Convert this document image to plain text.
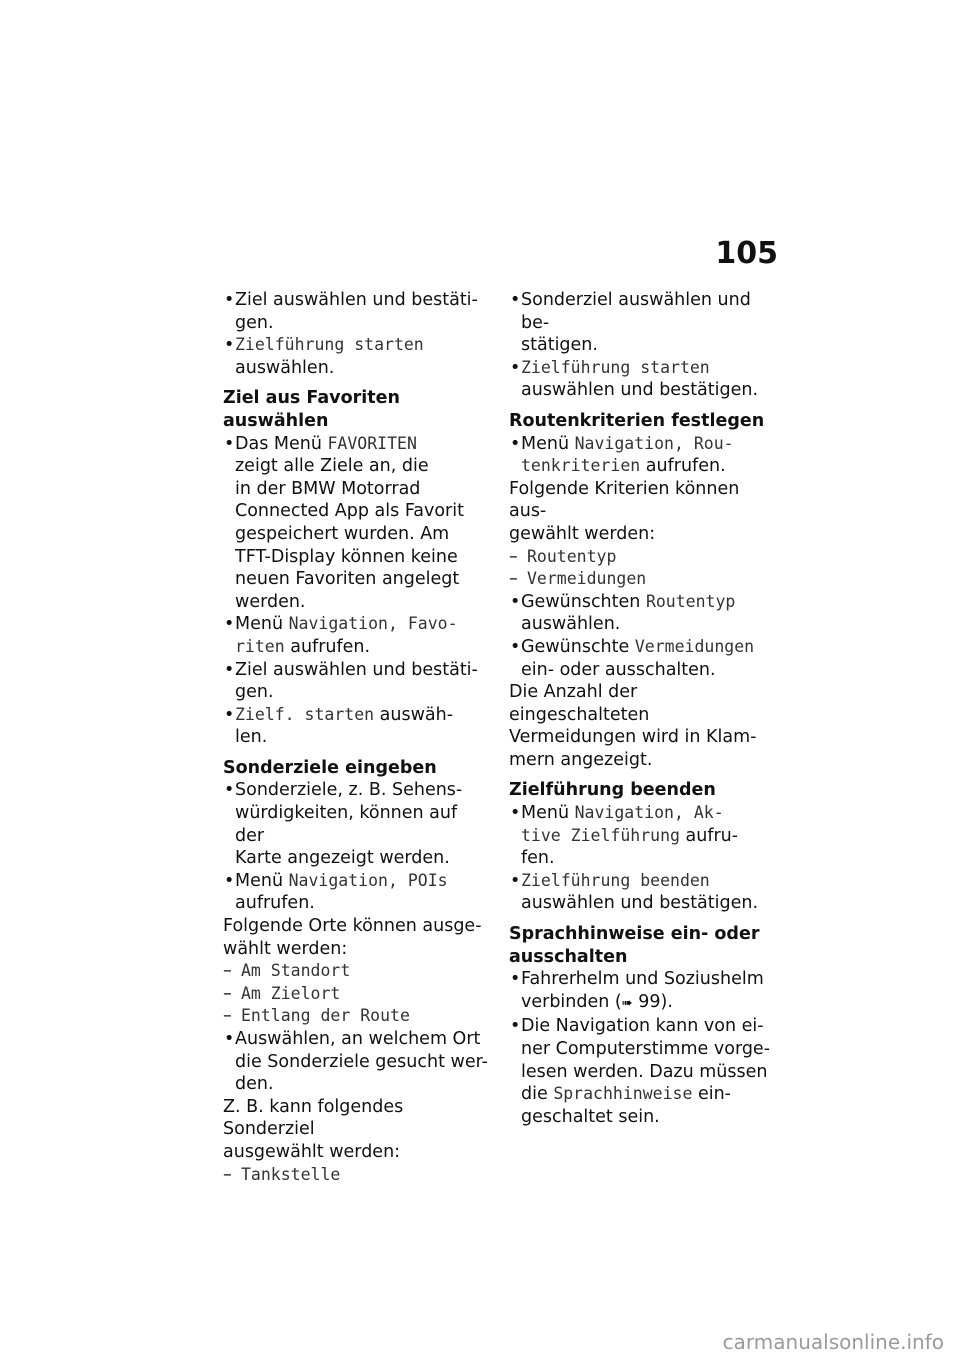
105
• Ziel auswählen und bestäti-
gen.
• Zielführung starten
auswählen.
Ziel aus Favoriten auswählen
• Das Menü FAVORITEN
zeigt alle Ziele an, die
in der BMW Motorrad
Connected App als Favorit
gespeichert wurden. Am
TFT-Display können keine
neuen Favoriten angelegt
werden.
• Menü Navigation, Favo-
riten aufrufen.
• Ziel auswählen und bestäti-
gen.
• Zielf. starten auswäh-
len.
Sonderziele eingeben
• Sonderziele, z. B. Sehens-
würdigkeiten, können auf der
Karte angezeigt werden.
• Menü Navigation, POIs
aufrufen.
Folgende Orte können ausge-
wählt werden:
– Am Standort
– Am Zielort
– Entlang der Route
• Auswählen, an welchem Ort
die Sonderziele gesucht wer-
den.
Z. B. kann folgendes Sonderziel
ausgewählt werden:
– Tankstelle
• Sonderziel auswählen und be-
stätigen.
• Zielführung starten
auswählen und bestätigen.
Routenkriterien festlegen
• Menü Navigation, Rou-
tenkriterien aufrufen.
Folgende Kriterien können aus-
gewählt werden:
– Routentyp
– Vermeidungen
• Gewünschten Routentyp
auswählen.
• Gewünschte Vermeidungen
ein- oder ausschalten.
Die Anzahl der eingeschalteten
Vermeidungen wird in Klam-
mern angezeigt.
Zielführung beenden
• Menü Navigation, Ak-
tive Zielführung aufru-
fen.
• Zielführung beenden
auswählen und bestätigen.
Sprachhinweise ein- oder
ausschalten
• Fahrerhelm und Soziushelm
verbinden (➠ 99).
• Die Navigation kann von ei-
ner Computerstimme vorge-
lesen werden. Dazu müssen
die Sprachhinweise ein-
geschaltet sein.
carmanualsonline.info
